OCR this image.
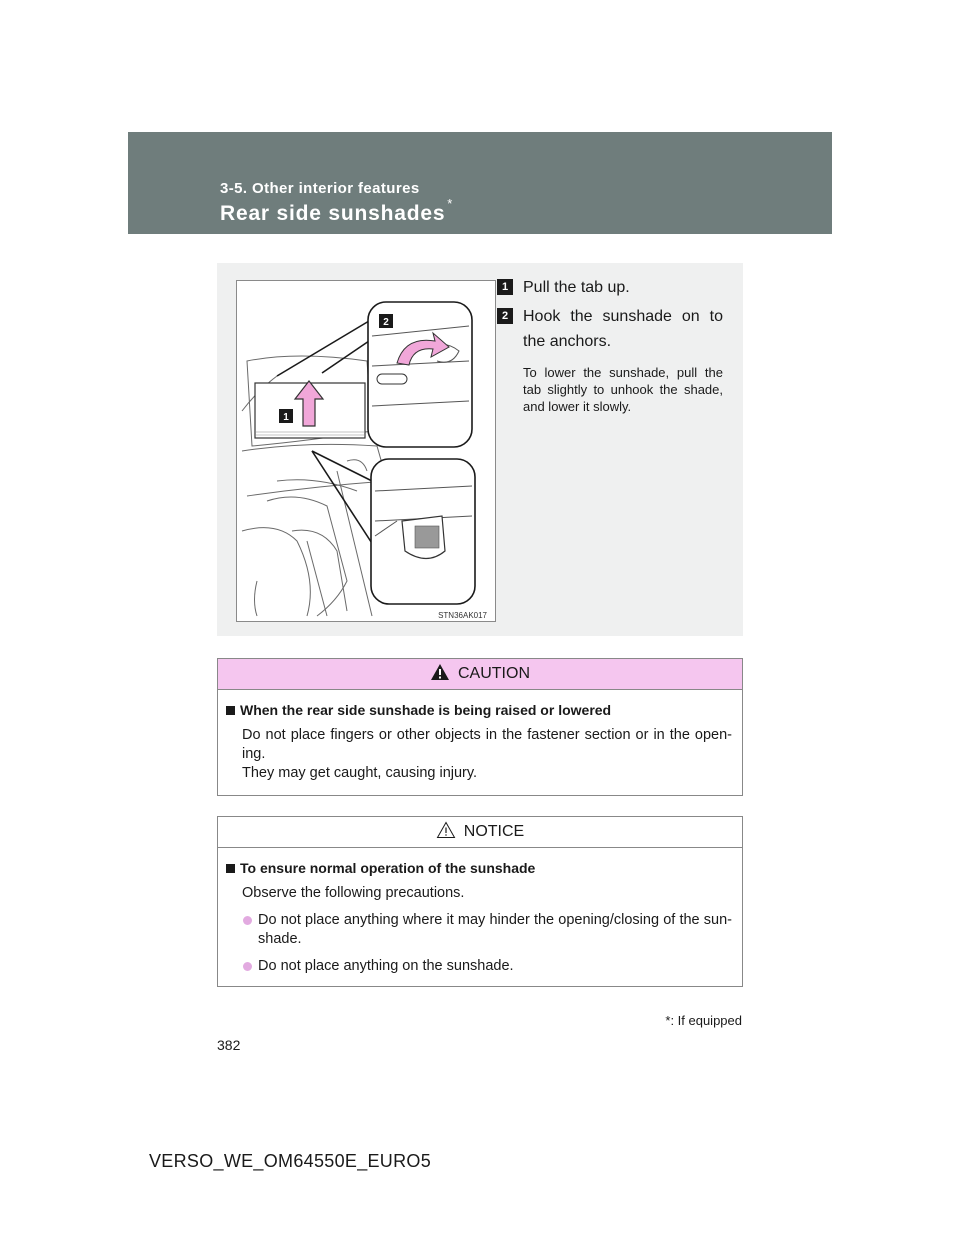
3-5. Other interior features
Rear side sunshades *
1
2
STN36AK017
1 Pull the tab up.
2 Hook the sunshade on to the anchors.
To lower the sunshade, pull the tab slightly to unhook the shade, and lower it slowly.
CAUTION
When the rear side sunshade is being raised or lowered
Do not place fingers or other objects in the fastener section or in the open- ing.
They may get caught, causing injury.
NOTICE
To ensure normal operation of the sunshade
Observe the following precautions.
Do not place anything where it may hinder the opening/closing of the sun- shade.
Do not place anything on the sunshade.
*: If equipped
382
VERSO_WE_OM64550E_EURO5
